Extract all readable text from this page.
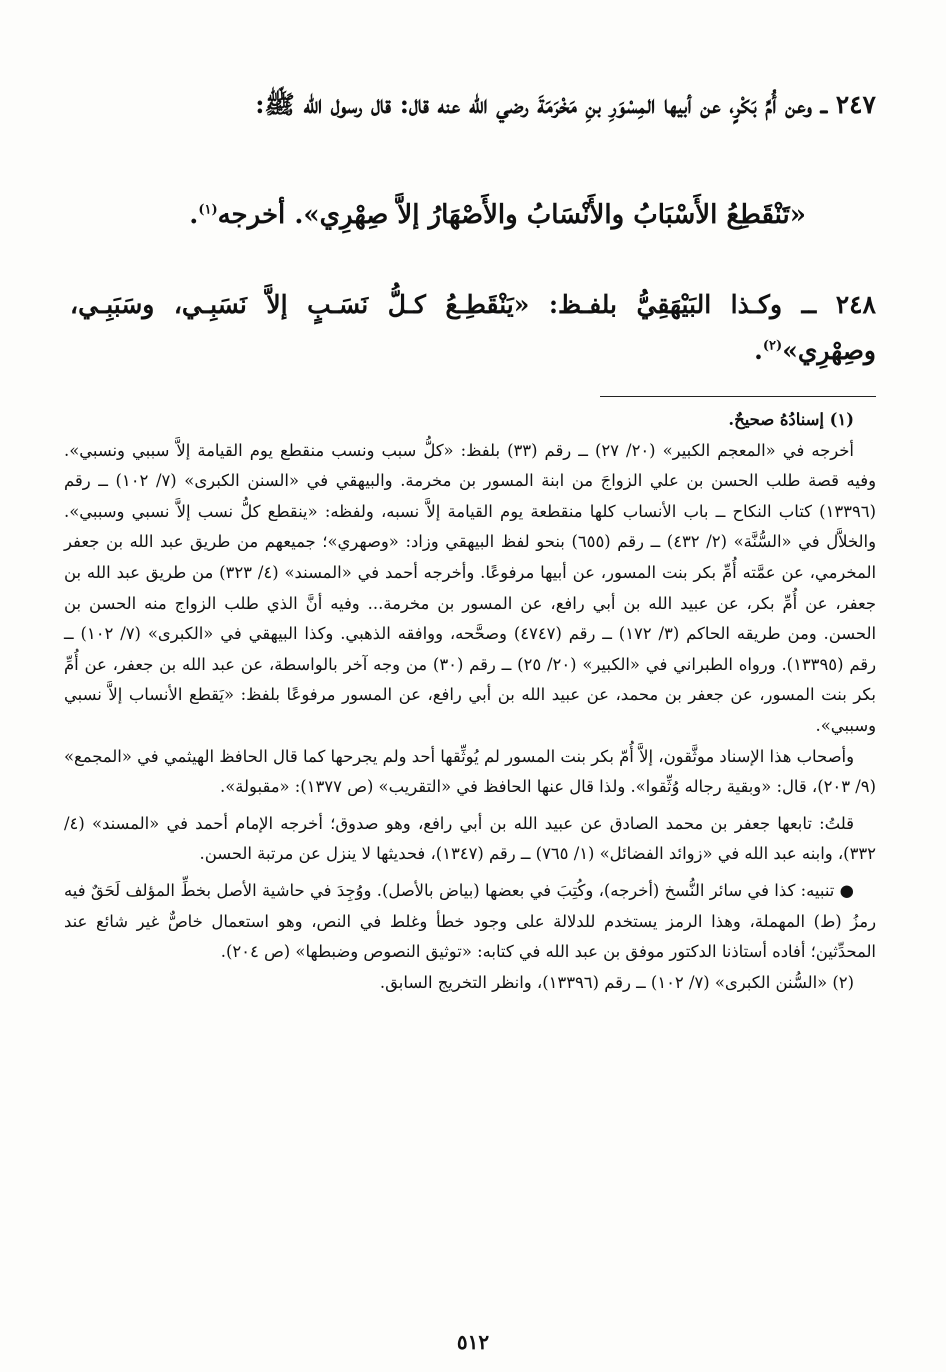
٢٤٧ ــ وعن أُمِّ بَكْرٍ، عن أبيها المِسْوَرِ بنِ مَخْرَمَةَ رضي الله عنه قال: قال رسول الله ﷺ:
«تَنْقَطِعُ الأَسْبَابُ والأَنْسَابُ والأَصْهَارُ إلاَّ صِهْرِي». أخرجه$^{(١)}$.
٢٤٨ ــ وكـذا البَيْهَقِيُّ بلفـظ: «يَنْقَطِـعُ كـلُّ نَسَـبٍ إلاَّ نَسَبِـي، وسَبَبِـي، وصِهْرِي»$^{(٢)}$.

(١) إسنادُهُ صحيحٌ.

أخرجه في «المعجم الكبير» (٢٠/ ٢٧) ــ رقم (٣٣) بلفظ: «كلُّ سبب ونسب منقطع يوم القيامة إلاَّ سببي ونسبي». وفيه قصة طلب الحسن بن علي الزواجَ من ابنة المسور بن مخرمة. والبيهقي في «السنن الكبرى» (٧/ ١٠٢) ــ رقم (١٣٣٩٦) كتاب النكاح ــ باب الأنساب كلها منقطعة يوم القيامة إلاَّ نسبه، ولفظه: «ينقطع كلُّ نسب إلاَّ نسبي وسببي». والخلاَّل في «السُّنَّة» (٢/ ٤٣٢) ــ رقم (٦٥٥) بنحو لفظ البيهقي وزاد: «وصهري»؛ جميعهم من طريق عبد الله بن جعفر المخرمي، عن عمَّته أُمِّ بكر بنت المسور، عن أبيها مرفوعًا. وأخرجه أحمد في «المسند» (٤/ ٣٢٣) من طريق عبد الله بن جعفر، عن أُمِّ بكر، عن عبيد الله بن أبي رافع، عن المسور بن مخرمة... وفيه أنَّ الذي طلب الزواج منه الحسن بن الحسن. ومن طريقه الحاكم (٣/ ١٧٢) ــ رقم (٤٧٤٧) وصحَّحه، ووافقه الذهبي. وكذا البيهقي في «الكبرى» (٧/ ١٠٢) ــ رقم (١٣٣٩٥). ورواه الطبراني في «الكبير» (٢٠/ ٢٥) ــ رقم (٣٠) من وجه آخر بالواسطة، عن عبد الله بن جعفر، عن أُمِّ بكر بنت المسور، عن جعفر بن محمد، عن عبيد الله بن أبي رافع، عن المسور مرفوعًا بلفظ: «يَقطع الأنساب إلاَّ نسبي وسببي».

وأصحاب هذا الإسناد موثَّقون، إلاَّ أُمّ بكر بنت المسور لم يُوثِّقها أحد ولم يجرحها كما قال الحافظ الهيثمي في «المجمع» (٩/ ٢٠٣)، قال: «وبقية رجاله وُثِّقوا». ولذا قال عنها الحافظ في «التقريب» (ص ١٣٧٧): «مقبولة».

قلتُ: تابعها جعفر بن محمد الصادق عن عبيد الله بن أبي رافع، وهو صدوق؛ أخرجه الإمام أحمد في «المسند» (٤/ ٣٣٢)، وابنه عبد الله في «زوائد الفضائل» (١/ ٧٦٥) ــ رقم (١٣٤٧)، فحديثها لا ينزل عن مرتبة الحسن.

● تنبيه: كذا في سائر النُّسخ (أخرجه)، وكُتِبَ في بعضها (بياض بالأصل). ووُجِدَ في حاشية الأصل بخطِّ المؤلف لَحَقٌ فيه رمزُ (ط) المهملة، وهذا الرمز يستخدم للدلالة على وجود خطأ وغلط في النص، وهو استعمال خاصٌّ غير شائع عند المحدِّثين؛ أفاده أستاذنا الدكتور موفق بن عبد الله في كتابه: «توثيق النصوص وضبطها» (ص ٢٠٤).

(٢) «السُّنن الكبرى» (٧/ ١٠٢) ــ رقم (١٣٣٩٦)، وانظر التخريج السابق.

٥١٢
